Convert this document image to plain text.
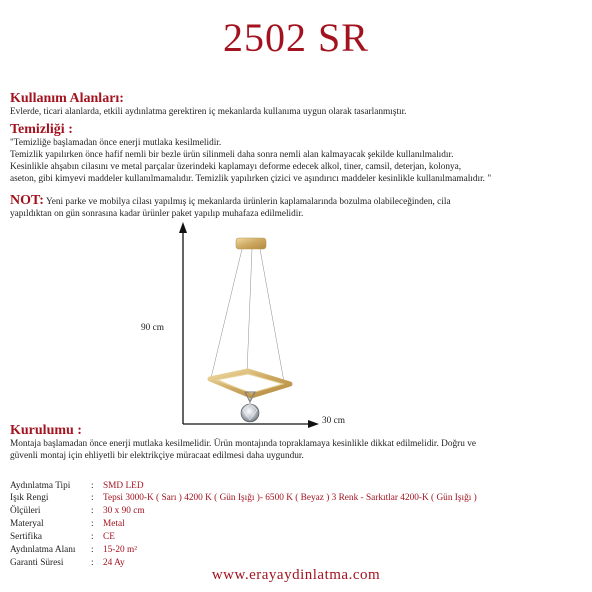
2502 SR
Kullanım Alanları:
Evlerde, ticari alanlarda, etkili aydınlatma gerektiren iç mekanlarda kullanıma uygun olarak tasarlanmıştır.
Temizliği :
"Temizliğe başlamadan önce enerji mutlaka kesilmelidir.
Temizlik yapılırken önce hafif nemli bir bezle ürün silinmeli daha sonra nemli alan kalmayacak şekilde kullanılmalıdır.
Kesinlikle ahşabın cilasını ve metal parçalar üzerindeki kaplamayı deforme edecek alkol, tiner, camsil, deterjan, kolonya,
aseton, gibi kimyevi maddeler kullanılmamalıdır. Temizlik yapılırken çizici ve aşındırıcı maddeler kesinlikle kullanılmamalıdır. "
NOT: Yeni parke ve mobilya cilası yapılmış iç mekanlarda ürünlerin kaplamalarında bozulma olabileceğinden, cila
yapıldıktan on gün sonrasına kadar ürünler paket yapılıp muhafaza edilmelidir.
90 cm
30 cm
Kurulumu :
Montaja başlamadan önce enerji mutlaka kesilmelidir. Ürün montajında topraklamaya kesinlikle dikkat edilmelidir. Doğru ve
güvenli montaj için ehliyetli bir elektrikçiye müracaat edilmesi daha uygundur.
Aydınlatma Tipi : SMD LED
Işık Rengi	: Tepsi 3000-K ( Sarı ) 4200 K ( Gün Işığı )- 6500 K ( Beyaz ) 3 Renk - Sarkıtlar 4200-K ( Gün Işığı )
Ölçüleri	: 30 x 90 cm
Materyal	: Metal
Sertifika	: CE
Aydınlatma Alanı : 15-20 m²
Garanti Süresi	: 24 Ay
www.erayaydinlatma.com
